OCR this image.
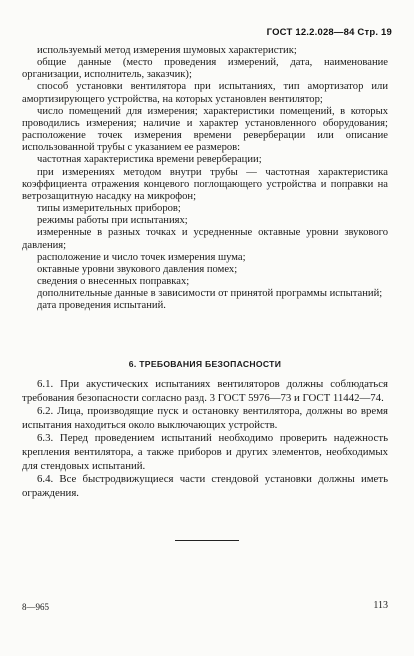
ГОСТ 12.2.028—84 Стр. 19

используемый метод измерения шумовых характеристик;

общие данные (место проведения измерений, дата, наименование организации, исполнитель, заказчик);

способ установки вентилятора при испытаниях, тип амортизатор или амортизирующего устройства, на которых установлен вентилятор;

число помещений для измерения; характеристики помещений, в которых проводились измерения; наличие и характер установленного оборудования; расположение точек измерения времени реверберации или описание использованной трубы с указанием ее размеров:

частотная характеристика времени реверберации;

при измерениях методом внутри трубы — частотная характеристика коэффициента отражения концевого поглощающего устройства и поправки на ветрозащитную насадку на микрофон;

типы измерительных приборов;

режимы работы при испытаниях;

измеренные в разных точках и усредненные октавные уровни звукового давления;

расположение и число точек измерения шума;

октавные уровни звукового давления помех;

сведения о внесенных поправках;

дополнительные данные в зависимости от принятой программы испытаний;

дата проведения испытаний.

6. ТРЕБОВАНИЯ БЕЗОПАСНОСТИ

6.1. При акустических испытаниях вентиляторов должны соблюдаться требования безопасности согласно разд. 3 ГОСТ 5976—73 и ГОСТ 11442—74.

6.2. Лица, производящие пуск и остановку вентилятора, должны во время испытания находиться около выключающих устройств.

6.3. Перед проведением испытаний необходимо проверить надежность крепления вентилятора, а также приборов и других элементов, необходимых для стендовых испытаний.

6.4. Все быстродвижущиеся части стендовой установки должны иметь ограждения.

8—965	113
